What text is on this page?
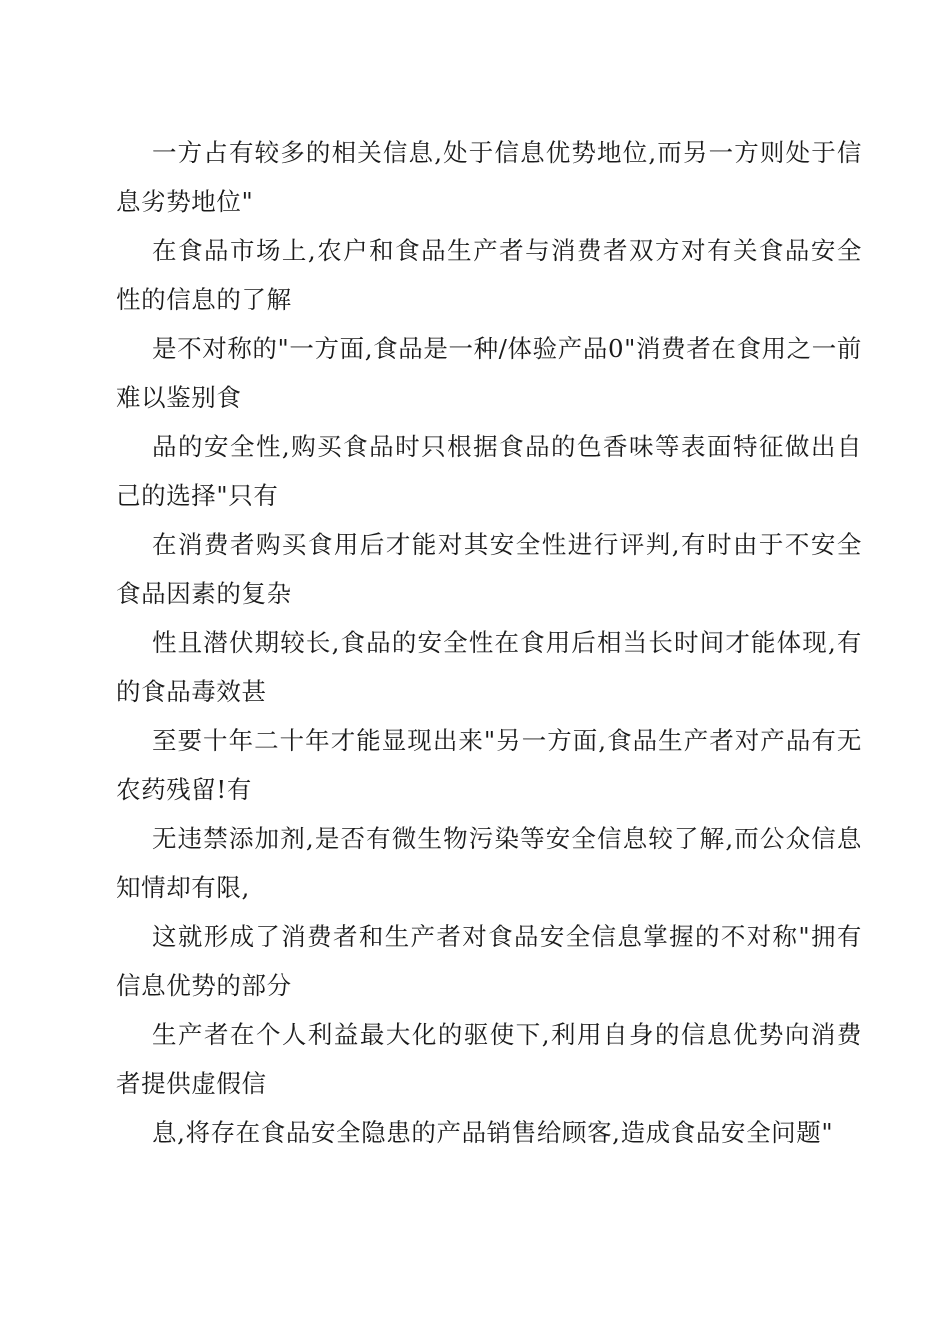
一方占有较多的相关信息,处于信息优势地位,而另一方则处于信息劣势地位"

在食品市场上,农户和食品生产者与消费者双方对有关食品安全性的信息的了解

是不对称的"一方面,食品是一种/体验产品0"消费者在食用之一前难以鉴别食

品的安全性,购买食品时只根据食品的色香味等表面特征做出自己的选择"只有

在消费者购买食用后才能对其安全性进行评判,有时由于不安全食品因素的复杂

性且潜伏期较长,食品的安全性在食用后相当长时间才能体现,有的食品毒效甚

至要十年二十年才能显现出来"另一方面,食品生产者对产品有无农药残留!有

无违禁添加剂,是否有微生物污染等安全信息较了解,而公众信息知情却有限,

这就形成了消费者和生产者对食品安全信息掌握的不对称"拥有信息优势的部分

生产者在个人利益最大化的驱使下,利用自身的信息优势向消费者提供虚假信

息,将存在食品安全隐患的产品销售给顾客,造成食品安全问题"
